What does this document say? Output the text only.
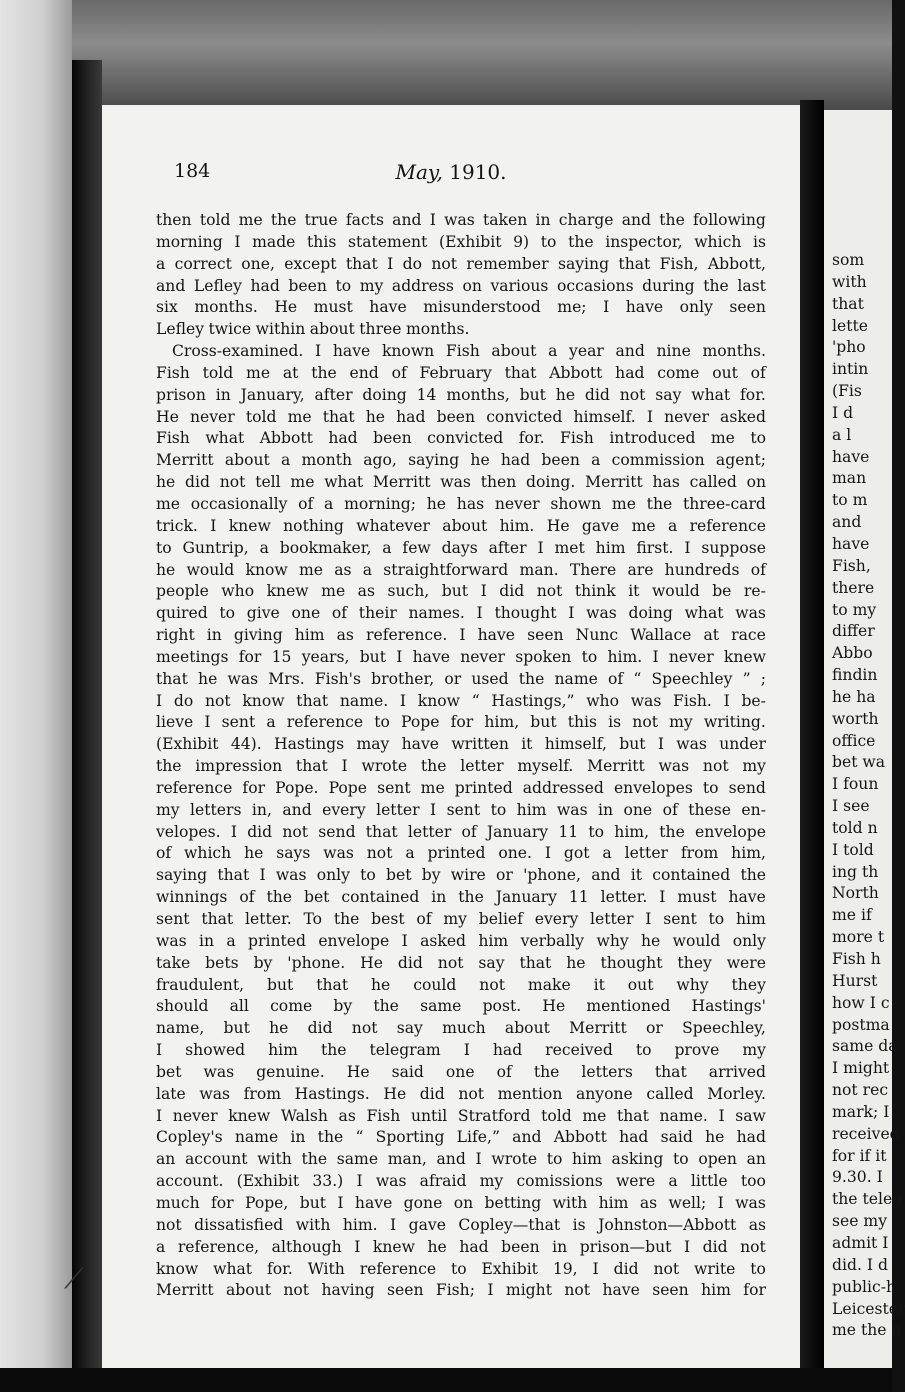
184	May, 1910.
then told me the true facts and I was taken in charge and the following
morning I made this statement (Exhibit 9) to the inspector, which is
a correct one, except that I do not remember saying that Fish, Abbott,
and Lefley had been to my address on various occasions during the last
six months. He must have misunderstood me; I have only seen
Lefley twice within about three months.
Cross-examined. I have known Fish about a year and nine months.
Fish told me at the end of February that Abbott had come out of
prison in January, after doing 14 months, but he did not say what for.
He never told me that he had been convicted himself. I never asked
Fish what Abbott had been convicted for. Fish introduced me to
Merritt about a month ago, saying he had been a commission agent;
he did not tell me what Merritt was then doing. Merritt has called on
me occasionally of a morning; he has never shown me the three-card
trick. I knew nothing whatever about him. He gave me a reference
to Guntrip, a bookmaker, a few days after I met him first. I suppose
he would know me as a straightforward man. There are hundreds of
people who knew me as such, but I did not think it would be re-
quired to give one of their names. I thought I was doing what was
right in giving him as reference. I have seen Nunc Wallace at race
meetings for 15 years, but I have never spoken to him. I never knew
that he was Mrs. Fish's brother, or used the name of “ Speechley ” ;
I do not know that name. I know “ Hastings,” who was Fish. I be-
lieve I sent a reference to Pope for him, but this is not my writing.
(Exhibit 44). Hastings may have written it himself, but I was under
the impression that I wrote the letter myself. Merritt was not my
reference for Pope. Pope sent me printed addressed envelopes to send
my letters in, and every letter I sent to him was in one of these en-
velopes. I did not send that letter of January 11 to him, the envelope
of which he says was not a printed one. I got a letter from him,
saying that I was only to bet by wire or 'phone, and it contained the
winnings of the bet contained in the January 11 letter. I must have
sent that letter. To the best of my belief every letter I sent to him
was in a printed envelope I asked him verbally why he would only
take bets by 'phone. He did not say that he thought they were
fraudulent, but that he could not make it out why they
should all come by the same post. He mentioned Hastings'
name, but he did not say much about Merritt or Speechley,
I showed him the telegram I had received to prove my
bet was genuine. He said one of the letters that arrived
late was from Hastings. He did not mention anyone called Morley.
I never knew Walsh as Fish until Stratford told me that name. I saw
Copley's name in the “ Sporting Life,” and Abbott had said he had
an account with the same man, and I wrote to him asking to open an
account. (Exhibit 33.) I was afraid my comissions were a little too
much for Pope, but I have gone on betting with him as well; I was
not dissatisfied with him. I gave Copley—that is Johnston—Abbott as
a reference, although I knew he had been in prison—but I did not
know what for. With reference to Exhibit 19, I did not write to
Merritt about not having seen Fish; I might not have seen him for
som
with
that
lette
'pho
intin
(Fis
I d
a l
have
man
to m
and
have
Fish,
there
to my
differ
Abbo
findin
he ha
worth
office
bet wa
I foun
I see
told n
I told
ing th
North
me if
more t
Fish h
Hurst
how I c
postma
same da
I might
not rec
mark; I
received
for if it
9.30. I
the teleg
see my
admit I
did. I d
public-h
Leicester
me the n
⟋
